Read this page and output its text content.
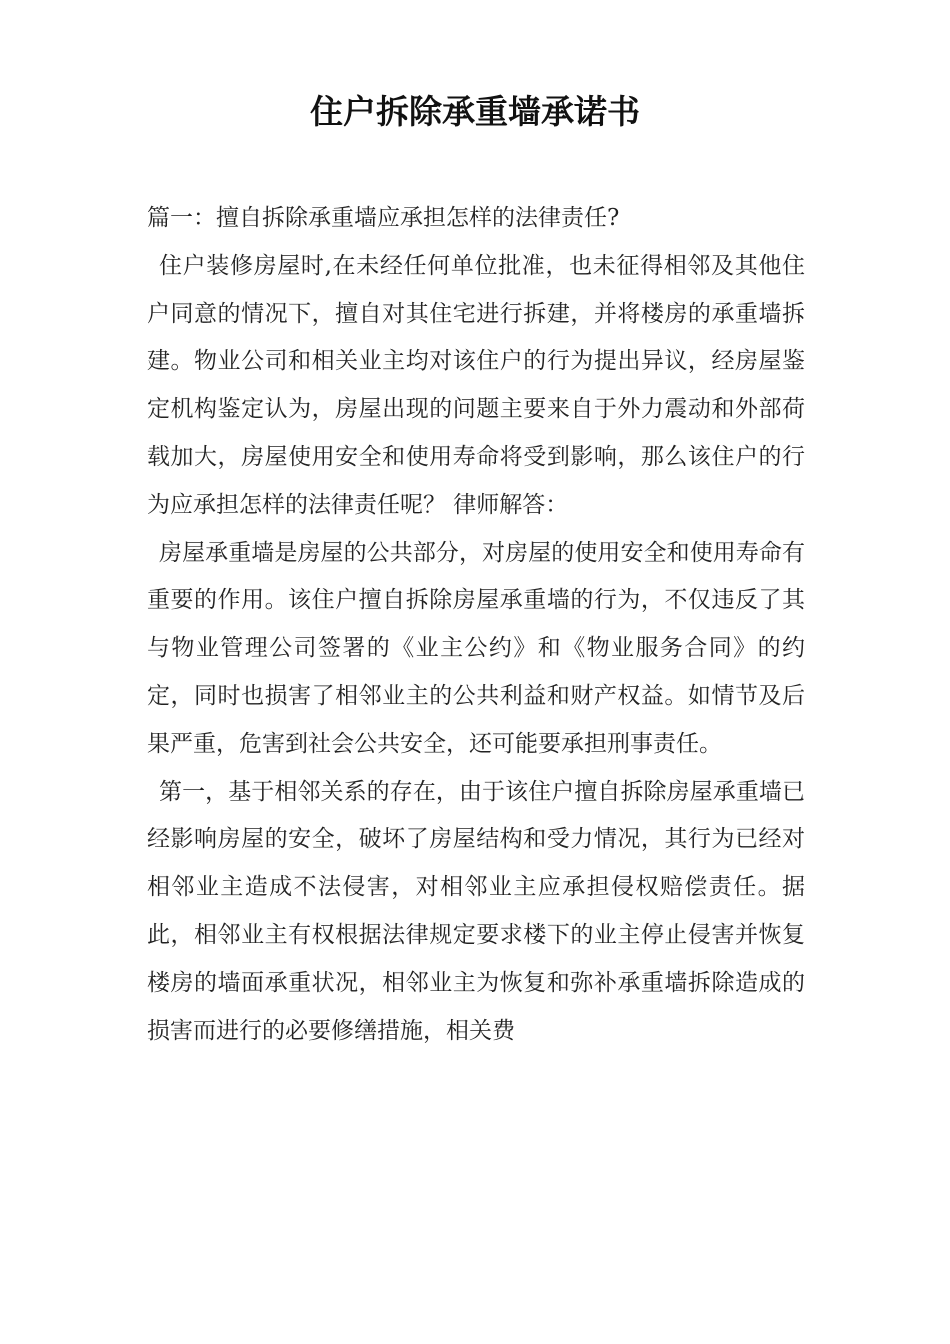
住户拆除承重墙承诺书

篇一：擅自拆除承重墙应承担怎样的法律责任?

住户装修房屋时,在未经任何单位批准，也未征得相邻及其他住户同意的情况下，擅自对其住宅进行拆建，并将楼房的承重墙拆建。物业公司和相关业主均对该住户的行为提出异议，经房屋鉴定机构鉴定认为，房屋出现的问题主要来自于外力震动和外部荷载加大，房屋使用安全和使用寿命将受到影响，那么该住户的行为应承担怎样的法律责任呢？ 律师解答：

房屋承重墙是房屋的公共部分，对房屋的使用安全和使用寿命有重要的作用。该住户擅自拆除房屋承重墙的行为，不仅违反了其与物业管理公司签署的《业主公约》和《物业服务合同》的约定，同时也损害了相邻业主的公共利益和财产权益。如情节及后果严重，危害到社会公共安全，还可能要承担刑事责任。

第一，基于相邻关系的存在，由于该住户擅自拆除房屋承重墙已经影响房屋的安全，破坏了房屋结构和受力情况，其行为已经对相邻业主造成不法侵害，对相邻业主应承担侵权赔偿责任。据此，相邻业主有权根据法律规定要求楼下的业主停止侵害并恢复楼房的墙面承重状况，相邻业主为恢复和弥补承重墙拆除造成的损害而进行的必要修缮措施，相关费
